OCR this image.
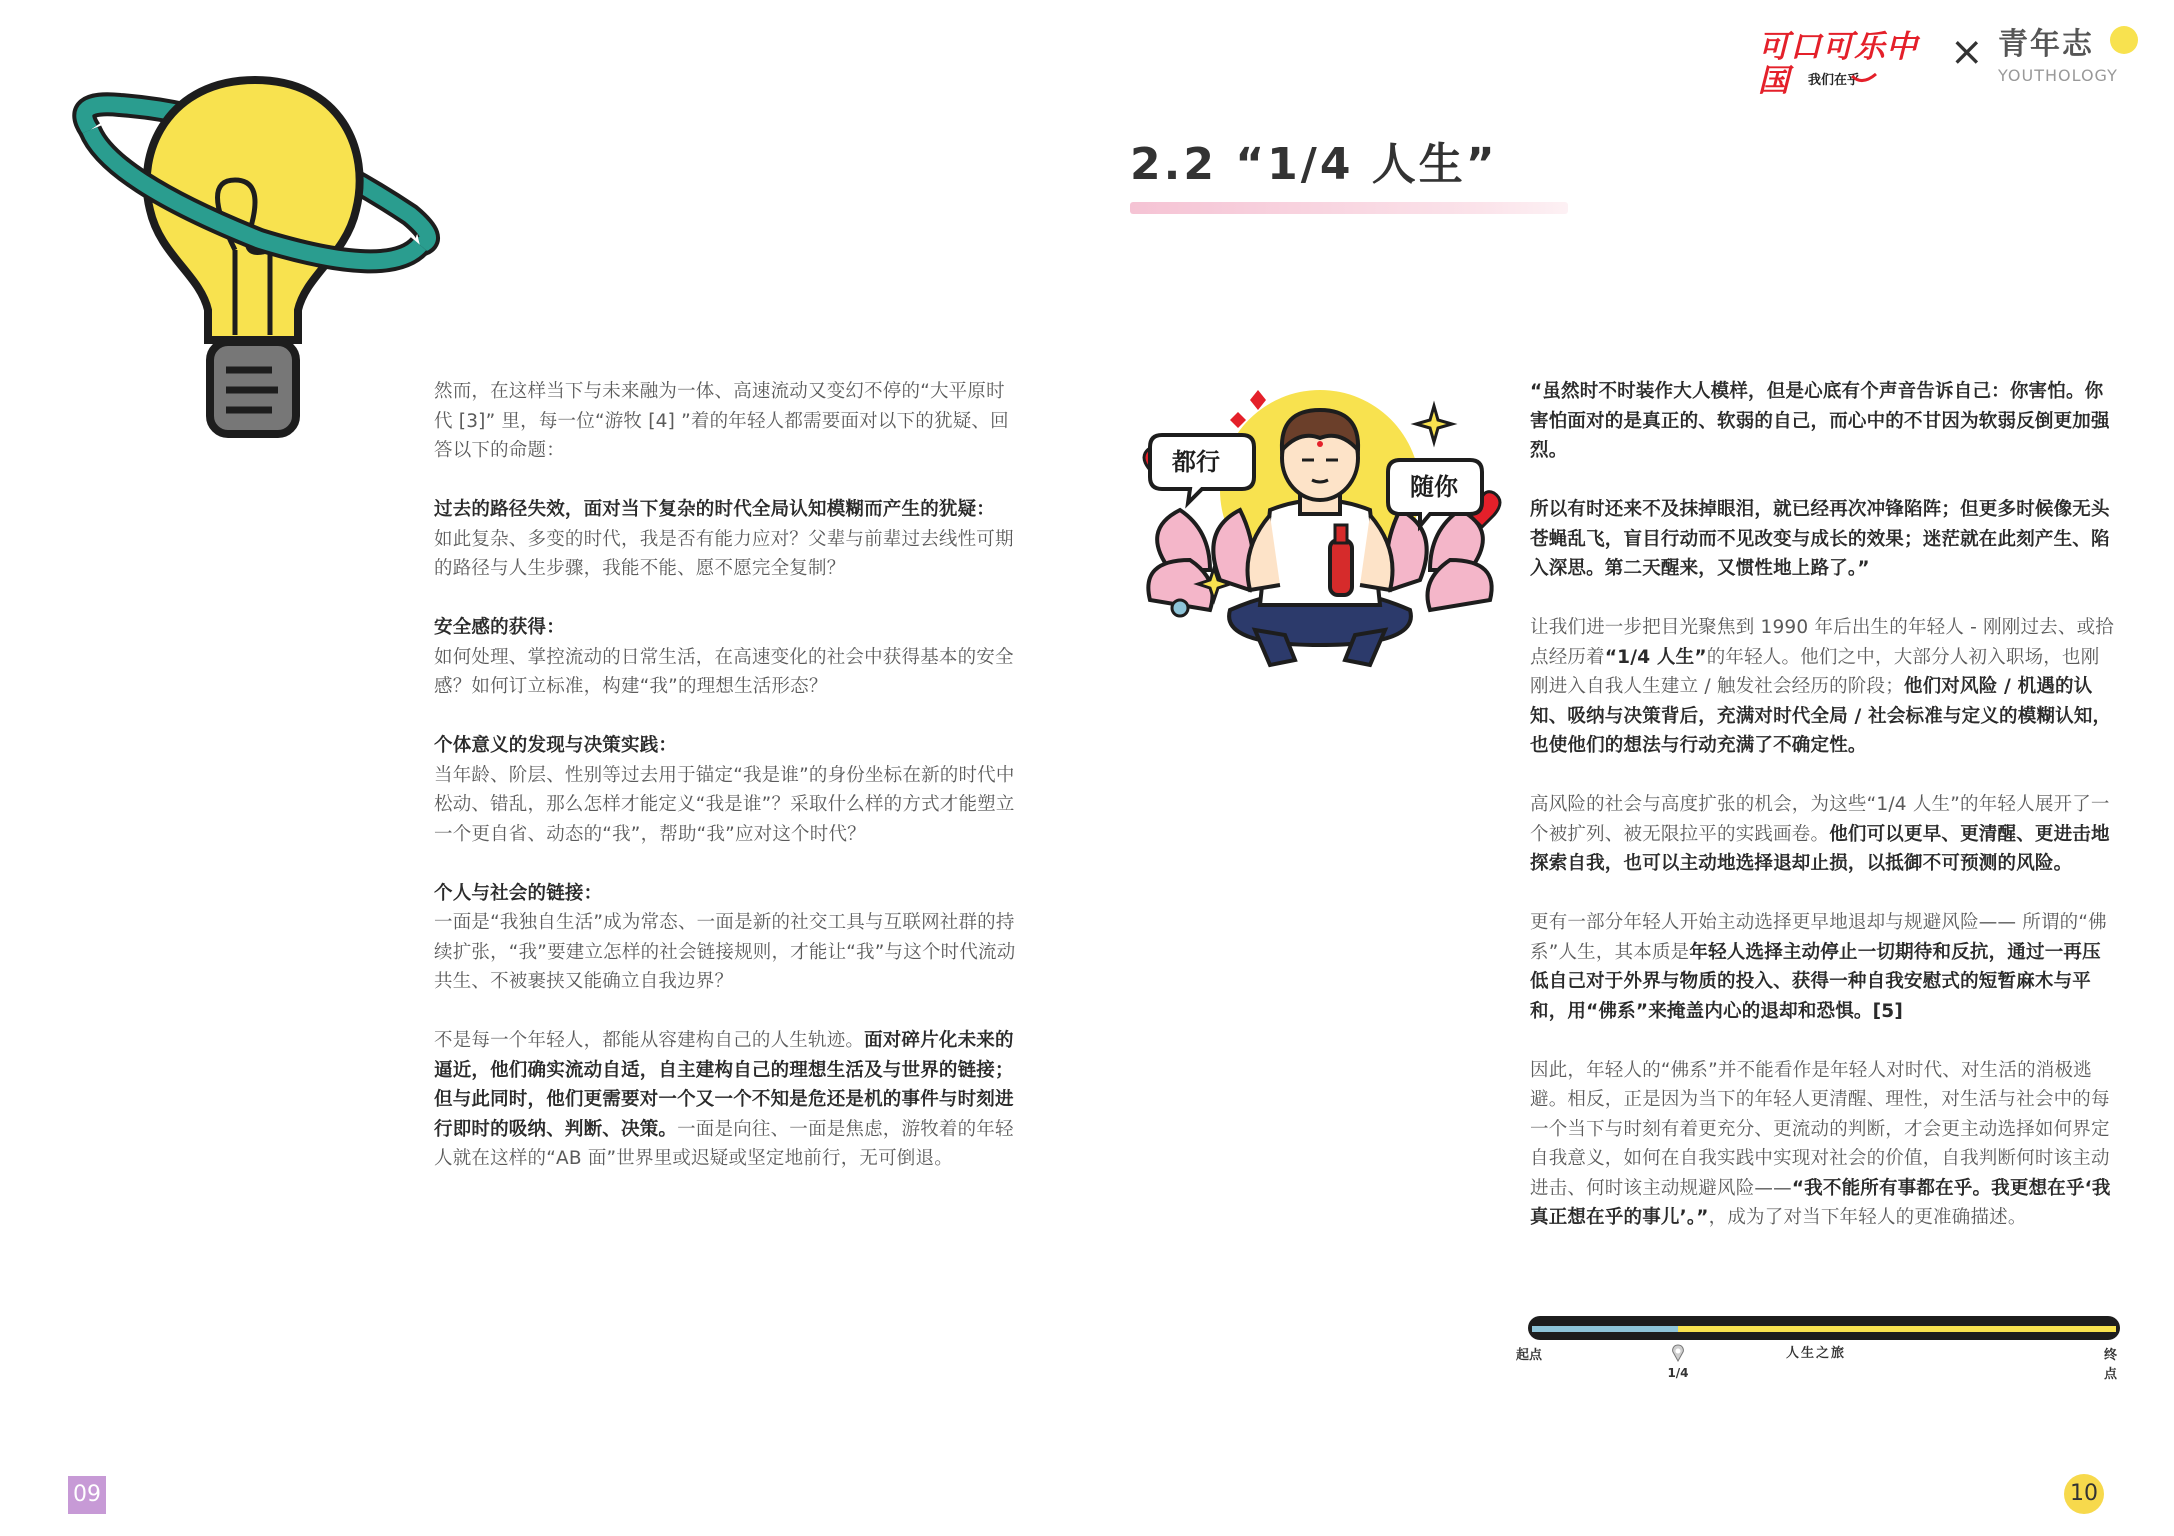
可口可乐中国	我们在乎
× 青年志
YOUTHOLOGY
然而，在这样当下与未来融为一体、高速流动又变幻不停的“大平原时代 [3]” 里，每一位“游牧 [4] ”着的年轻人都需要面对以下的犹疑、回答以下的命题：
过去的路径失效，面对当下复杂的时代全局认知模糊而产生的犹疑：
如此复杂、多变的时代，我是否有能力应对？父辈与前辈过去线性可期的路径与人生步骤，我能不能、愿不愿完全复制？
安全感的获得：
如何处理、掌控流动的日常生活，在高速变化的社会中获得基本的安全感？如何订立标准，构建“我”的理想生活形态？
个体意义的发现与决策实践：
当年龄、阶层、性别等过去用于锚定“我是谁”的身份坐标在新的时代中松动、错乱，那么怎样才能定义“我是谁”？采取什么样的方式才能塑立一个更自省、动态的“我”，帮助“我”应对这个时代？
个人与社会的链接：
一面是“我独自生活”成为常态、一面是新的社交工具与互联网社群的持续扩张，“我”要建立怎样的社会链接规则，才能让“我”与这个时代流动共生、不被裹挟又能确立自我边界？
不是每一个年轻人，都能从容建构自己的人生轨迹。面对碎片化未来的逼近，他们确实流动自适，自主建构自己的理想生活及与世界的链接；但与此同时，他们更需要对一个又一个不知是危还是机的事件与时刻进行即时的吸纳、判断、决策。一面是向往、一面是焦虑，游牧着的年轻人就在这样的“AB 面”世界里或迟疑或坚定地前行，无可倒退。
2.2 “1/4 人生”
都行
随你
“虽然时不时装作大人模样，但是心底有个声音告诉自己：你害怕。你害怕面对的是真正的、软弱的自己，而心中的不甘因为软弱反倒更加强烈。
所以有时还来不及抹掉眼泪，就已经再次冲锋陷阵；但更多时候像无头苍蝇乱飞，盲目行动而不见改变与成长的效果；迷茫就在此刻产生、陷入深思。第二天醒来，又惯性地上路了。”
让我们进一步把目光聚焦到 1990 年后出生的年轻人 - 刚刚过去、或拾点经历着“1/4 人生”的年轻人。他们之中，大部分人初入职场，也刚刚进入自我人生建立 / 触发社会经历的阶段；他们对风险 / 机遇的认知、吸纳与决策背后，充满对时代全局 / 社会标准与定义的模糊认知，也使他们的想法与行动充满了不确定性。
高风险的社会与高度扩张的机会，为这些“1/4 人生”的年轻人展开了一个被扩列、被无限拉平的实践画卷。他们可以更早、更清醒、更进击地探索自我，也可以主动地选择退却止损，以抵御不可预测的风险。
更有一部分年轻人开始主动选择更早地退却与规避风险—— 所谓的“佛系”人生，其本质是年轻人选择主动停止一切期待和反抗，通过一再压低自己对于外界与物质的投入、获得一种自我安慰式的短暂麻木与平和，用“佛系”来掩盖内心的退却和恐惧。[5]
因此，年轻人的“佛系”并不能看作是年轻人对时代、对生活的消极逃避。相反，正是因为当下的年轻人更清醒、理性，对生活与社会中的每一个当下与时刻有着更充分、更流动的判断，才会更主动选择如何界定自我意义，如何在自我实践中实现对社会的价值，自我判断何时该主动进击、何时该主动规避风险——“我不能所有事都在乎。我更想在乎‘我真正想在乎的事儿’。”，成为了对当下年轻人的更准确描述。
起点	人生之旅	终点
1/4
09	10
